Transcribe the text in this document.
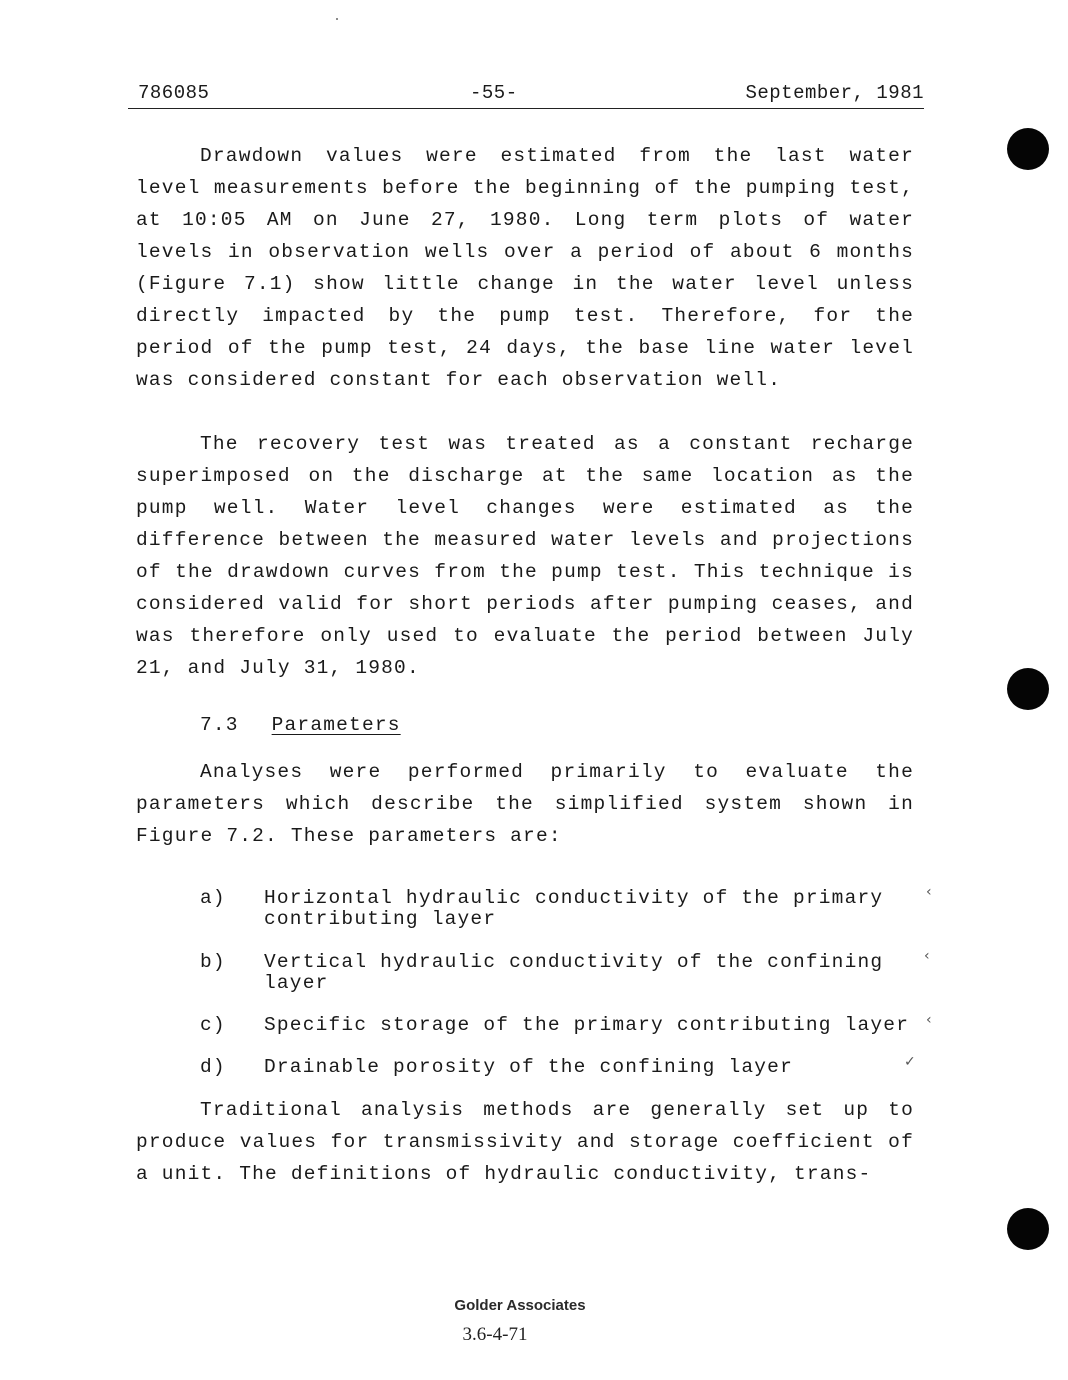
786085	-55-	September, 1981

Drawdown values were estimated from the last water level measurements before the beginning of the pumping test, at 10:05 AM on June 27, 1980. Long term plots of water levels in observation wells over a period of about 6 months (Figure 7.1) show little change in the water level unless directly impacted by the pump test. Therefore, for the period of the pump test, 24 days, the base line water level was considered constant for each observation well.

The recovery test was treated as a constant recharge superimposed on the discharge at the same location as the pump well. Water level changes were estimated as the difference between the measured water levels and projections of the drawdown curves from the pump test. This technique is considered valid for short periods after pumping ceases, and was therefore only used to evaluate the period between July 21, and July 31, 1980.

7.3 Parameters

Analyses were performed primarily to evaluate the parameters which describe the simplified system shown in Figure 7.2. These parameters are:

a) Horizontal hydraulic conductivity of the primary contributing layer
b) Vertical hydraulic conductivity of the confining layer
c) Specific storage of the primary contributing layer
d) Drainable porosity of the confining layer
‹
‹
‹
✓

Traditional analysis methods are generally set up to produce values for transmissivity and storage coefficient of a unit. The definitions of hydraulic conductivity, trans-

Golder Associates
3.6-4-71
